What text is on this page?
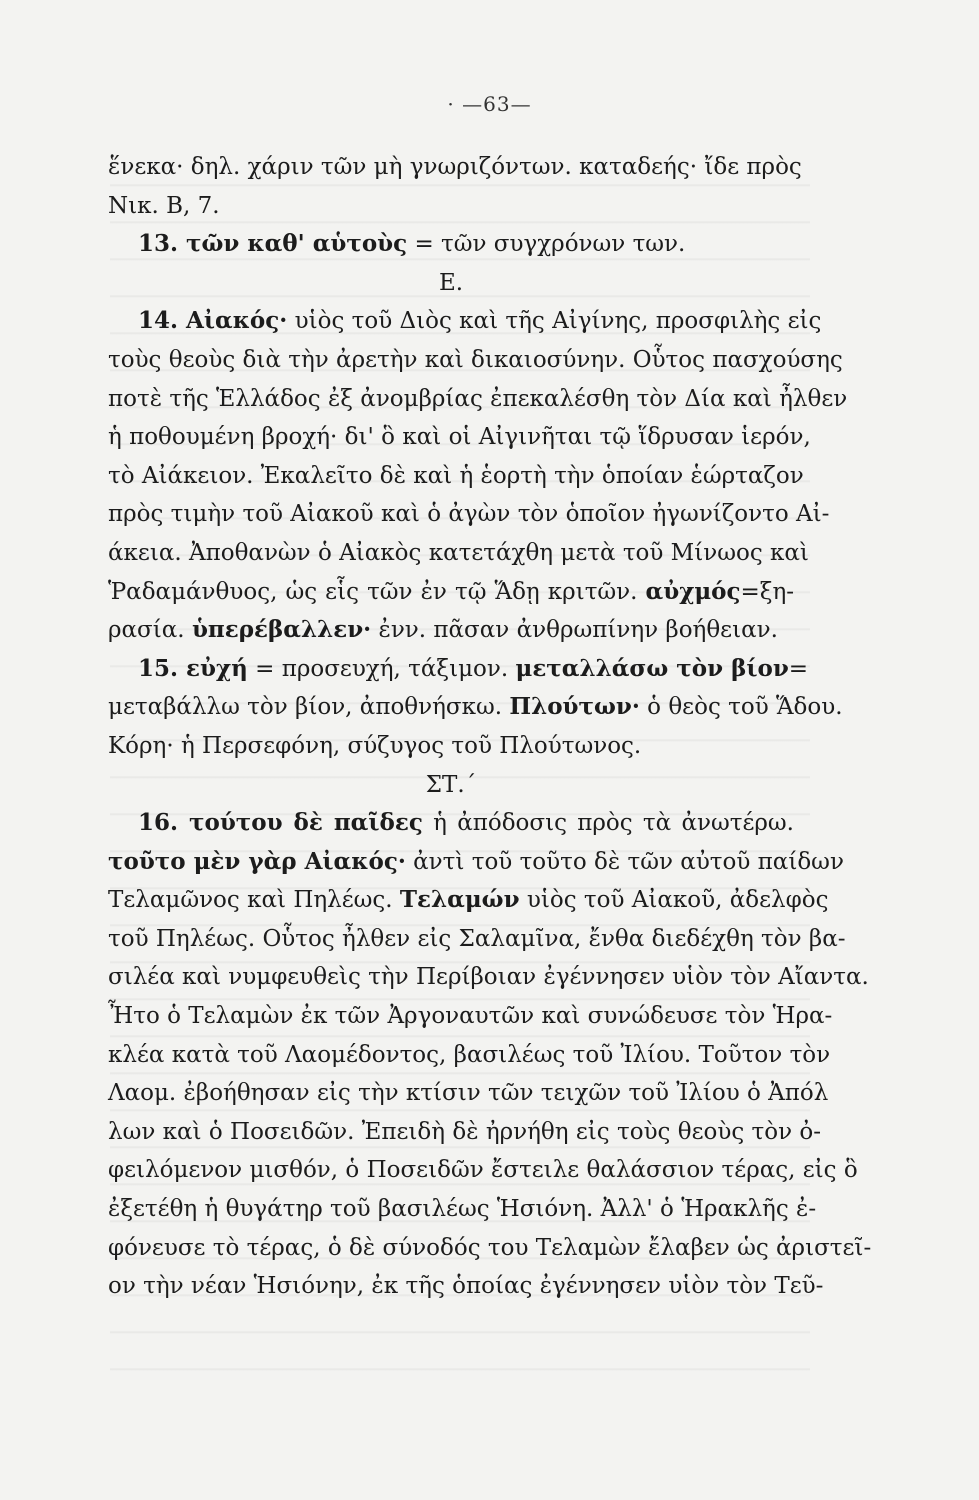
· —63—
ἕνεκα· δηλ. χάριν τῶν μὴ γνωριζόντων. καταδεής· ἴδε πρὸς
Νικ. Β, 7.
13. τῶν καθ' αὑτοὺς = τῶν συγχρόνων των.
Ε.
14. Αἰακός· υἱὸς τοῦ Διὸς καὶ τῆς Αἰγίνης, προσφιλὴς εἰς
τοὺς θεοὺς διὰ τὴν ἀρετὴν καὶ δικαιοσύνην. Οὗτος πασχούσης
ποτὲ τῆς Ἑλλάδος ἐξ ἀνομβρίας ἐπεκαλέσθη τὸν Δία καὶ ἦλθεν
ἡ ποθουμένη βροχή· δι' ὃ καὶ οἱ Αἰγινῆται τῷ ἵδρυσαν ἱερόν,
τὸ Αἰάκειον. Ἐκαλεῖτο δὲ καὶ ἡ ἑορτὴ τὴν ὁποίαν ἑώρταζον
πρὸς τιμὴν τοῦ Αἰακοῦ καὶ ὁ ἀγὼν τὸν ὁποῖον ἠγωνίζοντο Αἰ-
άκεια. Ἀποθανὼν ὁ Αἰακὸς κατετάχθη μετὰ τοῦ Μίνωος καὶ
Ῥαδαμάνθυος, ὡς εἷς τῶν ἐν τῷ Ἅδῃ κριτῶν. αὐχμός=ξη-
ρασία. ὑπερέβαλλεν· ἐνν. πᾶσαν ἀνθρωπίνην βοήθειαν.
15. εὐχή = προσευχή, τάξιμον. μεταλλάσω τὸν βίον=
μεταβάλλω τὸν βίον, ἀποθνήσκω. Πλούτων· ὁ θεὸς τοῦ Ἅδου.
Κόρη· ἡ Περσεφόνη, σύζυγος τοῦ Πλούτωνος.
ΣΤ.΄
16. τούτου δὲ παῖδες ἡ ἀπόδοσις πρὸς τὰ ἀνωτέρω.
τοῦτο μὲν γὰρ Αἰακός· ἀντὶ τοῦ τοῦτο δὲ τῶν αὐτοῦ παίδων
Τελαμῶνος καὶ Πηλέως. Τελαμών υἱὸς τοῦ Αἰακοῦ, ἀδελφὸς
τοῦ Πηλέως. Οὗτος ἦλθεν εἰς Σαλαμῖνα, ἔνθα διεδέχθη τὸν βα-
σιλέα καὶ νυμφευθεὶς τὴν Περίβοιαν ἐγέννησεν υἱὸν τὸν Αἴαντα.
Ἦτο ὁ Τελαμὼν ἐκ τῶν Ἀργοναυτῶν καὶ συνώδευσε τὸν Ἡρα-
κλέα κατὰ τοῦ Λαομέδοντος, βασιλέως τοῦ Ἰλίου. Τοῦτον τὸν
Λαομ. ἐβοήθησαν εἰς τὴν κτίσιν τῶν τειχῶν τοῦ Ἰλίου ὁ Ἀπόλ
λων καὶ ὁ Ποσειδῶν. Ἐπειδὴ δὲ ἠρνήθη εἰς τοὺς θεοὺς τὸν ὀ-
φειλόμενον μισθόν, ὁ Ποσειδῶν ἔστειλε θαλάσσιον τέρας, εἰς ὃ
ἐξετέθη ἡ θυγάτηρ τοῦ βασιλέως Ἡσιόνη. Ἀλλ' ὁ Ἡρακλῆς ἐ-
φόνευσε τὸ τέρας, ὁ δὲ σύνοδός του Τελαμὼν ἔλαβεν ὡς ἀριστεῖ-
ον τὴν νέαν Ἡσιόνην, ἐκ τῆς ὁποίας ἐγέννησεν υἱὸν τὸν Τεῦ-
